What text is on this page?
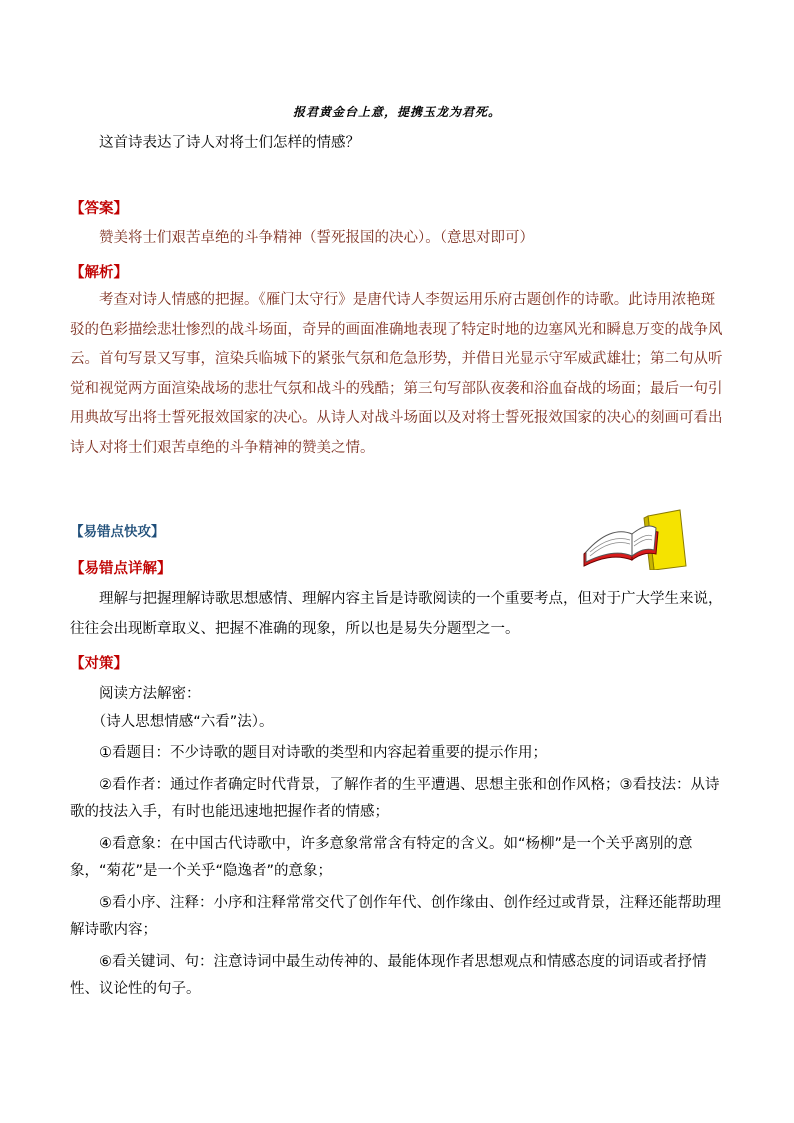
报君黄金台上意，提携玉龙为君死。

这首诗表达了诗人对将士们怎样的情感？

【答案】

赞美将士们艰苦卓绝的斗争精神（誓死报国的决心）。（意思对即可）

【解析】

考查对诗人情感的把握。《雁门太守行》是唐代诗人李贺运用乐府古题创作的诗歌。此诗用浓艳斑驳的色彩描绘悲壮惨烈的战斗场面，奇异的画面准确地表现了特定时地的边塞风光和瞬息万变的战争风云。首句写景又写事，渲染兵临城下的紧张气氛和危急形势，并借日光显示守军威武雄壮；第二句从听觉和视觉两方面渲染战场的悲壮气氛和战斗的残酷；第三句写部队夜袭和浴血奋战的场面；最后一句引用典故写出将士誓死报效国家的决心。从诗人对战斗场面以及对将士誓死报效国家的决心的刻画可看出诗人对将士们艰苦卓绝的斗争精神的赞美之情。

【易错点快攻】
【易错点详解】

理解与把握理解诗歌思想感情、理解内容主旨是诗歌阅读的一个重要考点，但对于广大学生来说，往往会出现断章取义、把握不准确的现象，所以也是易失分题型之一。

【对策】

阅读方法解密：

（诗人思想情感“六看”法）。

①看题目：不少诗歌的题目对诗歌的类型和内容起着重要的提示作用；

②看作者：通过作者确定时代背景，了解作者的生平遭遇、思想主张和创作风格；③看技法：从诗歌的技法入手，有时也能迅速地把握作者的情感；

④看意象：在中国古代诗歌中，许多意象常常含有特定的含义。如“杨柳”是一个关乎离别的意象，“菊花”是一个关乎“隐逸者”的意象；

⑤看小序、注释：小序和注释常常交代了创作年代、创作缘由、创作经过或背景，注释还能帮助理解诗歌内容；

⑥看关键词、句：注意诗词中最生动传神的、最能体现作者思想观点和情感态度的词语或者抒情性、议论性的句子。
